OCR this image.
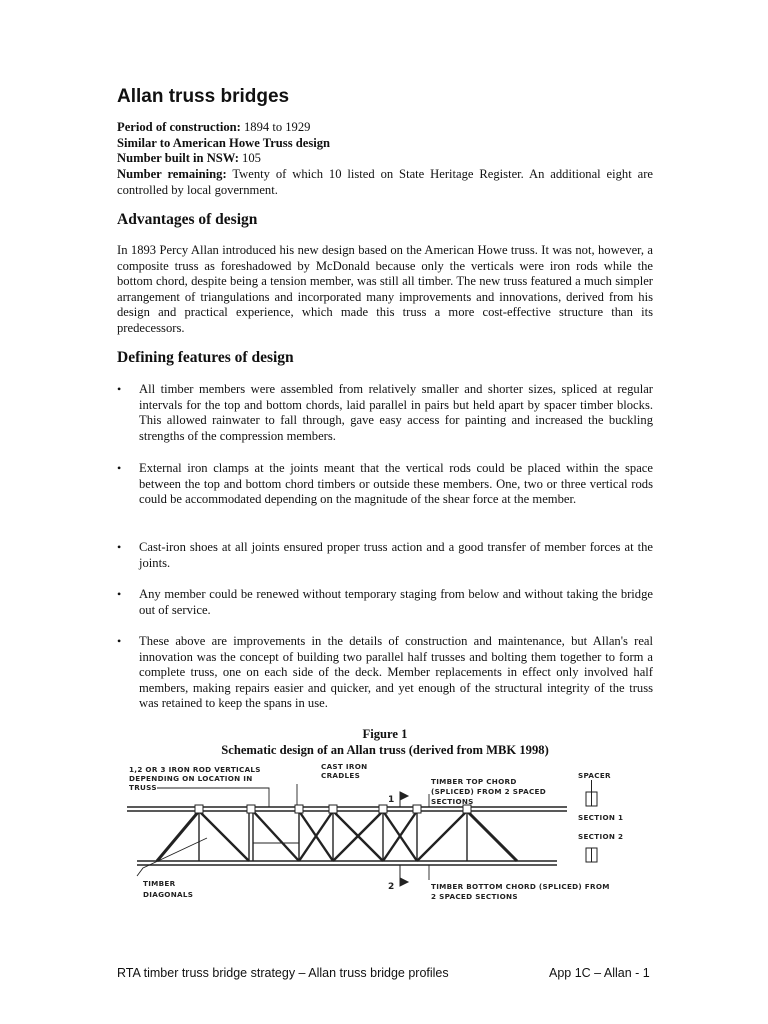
Allan truss bridges

Period of construction: 1894 to 1929

Similar to American Howe Truss design

Number built in NSW: 105

Number remaining: Twenty of which 10 listed on State Heritage Register. An additional eight are controlled by local government.

Advantages of design

In 1893 Percy Allan introduced his new design based on the American Howe truss. It was not, however, a composite truss as foreshadowed by McDonald because only the verticals were iron rods while the bottom chord, despite being a tension member, was still all timber. The new truss featured a much simpler arrangement of triangulations and incorporated many improvements and innovations, derived from his design and practical experience, which made this truss a more cost-effective structure than its predecessors.

Defining features of design
• All timber members were assembled from relatively smaller and shorter sizes, spliced at regular intervals for the top and bottom chords, laid parallel in pairs but held apart by spacer timber blocks. This allowed rainwater to fall through, gave easy access for painting and increased the buckling strengths of the compression members.
• External iron clamps at the joints meant that the vertical rods could be placed within the space between the top and bottom chord timbers or outside these members. One, two or three vertical rods could be accommodated depending on the magnitude of the shear force at the member.
• Cast-iron shoes at all joints ensured proper truss action and a good transfer of member forces at the joints.
• Any member could be renewed without temporary staging from below and without taking the bridge out of service.
• These above are improvements in the details of construction and maintenance, but Allan's real innovation was the concept of building two parallel half trusses and bolting them together to form a complete truss, one on each side of the deck. Member replacements in effect only involved half members, making repairs easier and quicker, and yet enough of the structural integrity of the truss was retained to keep the spans in use.

Figure 1

Schematic design of an Allan truss (derived from MBK 1998)

1,2 OR 3 IRON ROD VERTICALS
DEPENDING ON LOCATION IN
TRUSS
CAST IRON
CRADLES
TIMBER TOP CHORD
(SPLICED) FROM 2 SPACED
SECTIONS
TIMBER
DIAGONALS
TIMBER BOTTOM CHORD (SPLICED) FROM
2 SPACED SECTIONS
SPACER
SECTION 1
SECTION 2
1
2
RTA timber truss bridge strategy – Allan truss bridge profiles	App 1C – Allan - 1
